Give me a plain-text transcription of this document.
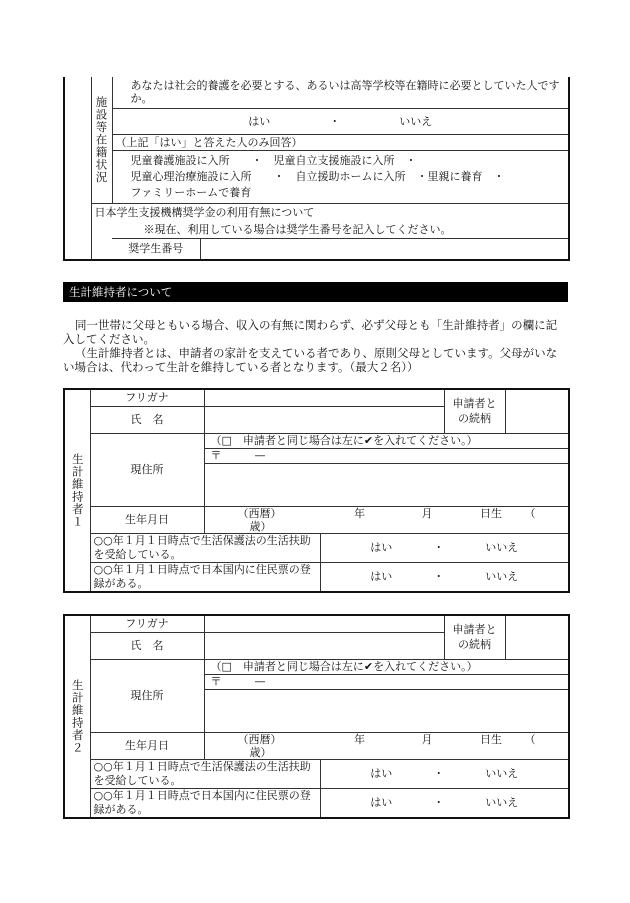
	施設等在籍状況	あなたは社会的養護を必要とする、あるいは高等学校等在籍時に必要としていた人ですか。	
		はい ・ いいえ	
		（上記「はい」と答えた人のみ回答）	

		児童養護施設に入所　　・　児童自立支援施設に入所　・
児童心理治療施設に入所　　・　自立援助ホームに入所　・里親に養育　・
ファミリーホームで養育	

	日本学生支援機構奨学金の利用有無について		
	※現在、利用している場合は奨学生番号を記入してください。		
		奨学生番号	
生計維持者について

同一世帯に父母ともいる場合、収入の有無に関わらず、必ず父母とも「生計維持者」の欄に記入してください。

（生計維持者とは、申請者の家計を支えている者であり、原則父母としています。父母がいない場合は、代わって生計を維持している者となります。（最大２名））

生計維持者１	フリガナ			申請者と
の続柄	

	氏　名				
	現住所	（□　申請者と同じ場合は左に✔を入れてください。）			
		〒　　　—			

	生年月日	（西暦） 年 月 日生 （ 歳）			
	○○年１月１日時点で生活保護法の生活扶助を受給している。		はい ・ いいえ		
	○○年１月１日時点で日本国内に住民票の登録がある。		はい ・ いいえ		
生計維持者２	フリガナ			申請者と
の続柄	

	氏　名				
	現住所	（□　申請者と同じ場合は左に✔を入れてください。）			
		〒　　　—			

	生年月日	（西暦） 年 月 日生 （ 歳）			
	○○年１月１日時点で生活保護法の生活扶助を受給している。		はい ・ いいえ		
	○○年１月１日時点で日本国内に住民票の登録がある。		はい ・ いいえ		
